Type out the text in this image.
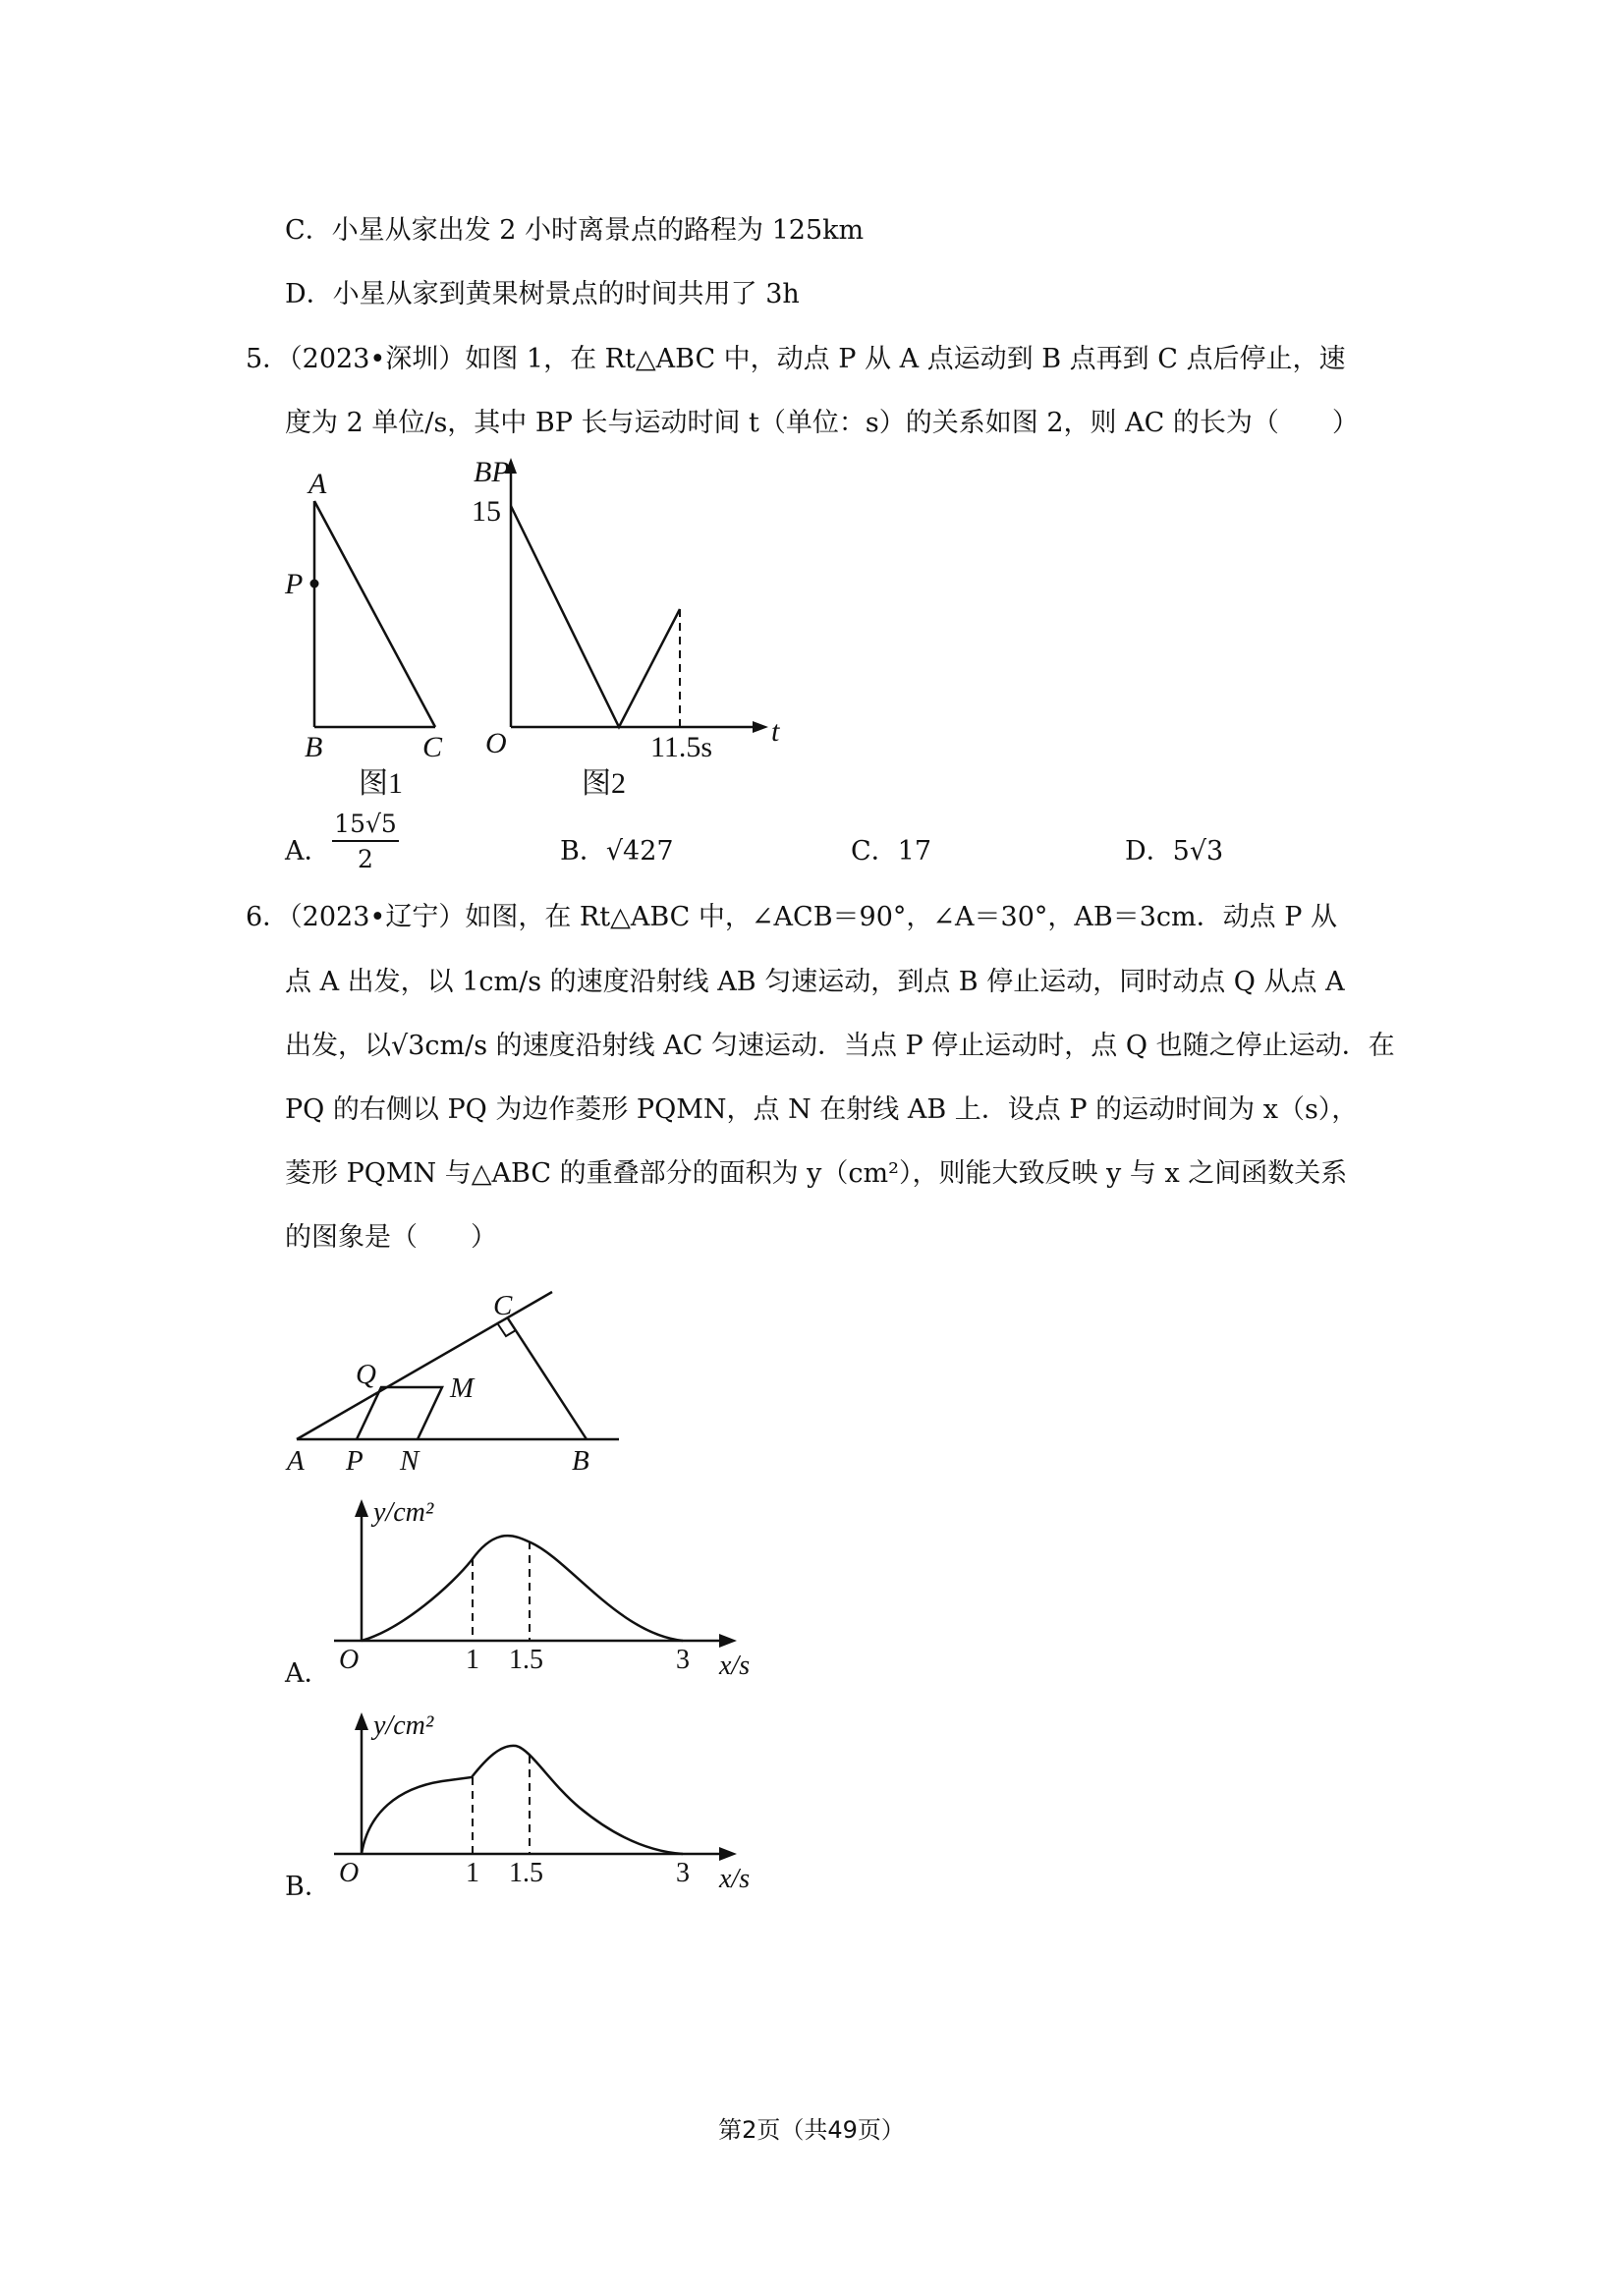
C．小星从家出发 2 小时离景点的路程为 125km
D．小星从家到黄果树景点的时间共用了 3h
5．（2023•深圳）如图 1，在 Rt△ABC 中，动点 P 从 A 点运动到 B 点再到 C 点后停止，速
度为 2 单位/s，其中 BP 长与运动时间 t（单位：s）的关系如图 2，则 AC 的长为（　　）
A
P
B	C
图1
BP
15
O	11.5s t
图2
A．
15√5
2	B．√427	C．17	D．5√3
6．（2023•辽宁）如图，在 Rt△ABC 中，∠ACB＝90°，∠A＝30°，AB＝3cm．动点 P 从
点 A 出发，以 1cm/s 的速度沿射线 AB 匀速运动，到点 B 停止运动，同时动点 Q 从点 A
出发，以√3cm/s 的速度沿射线 AC 匀速运动．当点 P 停止运动时，点 Q 也随之停止运动．在
PQ 的右侧以 PQ 为边作菱形 PQMN，点 N 在射线 AB 上．设点 P 的运动时间为 x（s），
菱形 PQMN 与△ABC 的重叠部分的面积为 y（cm²），则能大致反映 y 与 x 之间函数关系
的图象是（　　）
C
Q	M
A P N	B
A．
y/cm²
O	1 1.5	3 x/s
B．
y/cm²
O	1 1.5	3 x/s
第2页（共49页）
